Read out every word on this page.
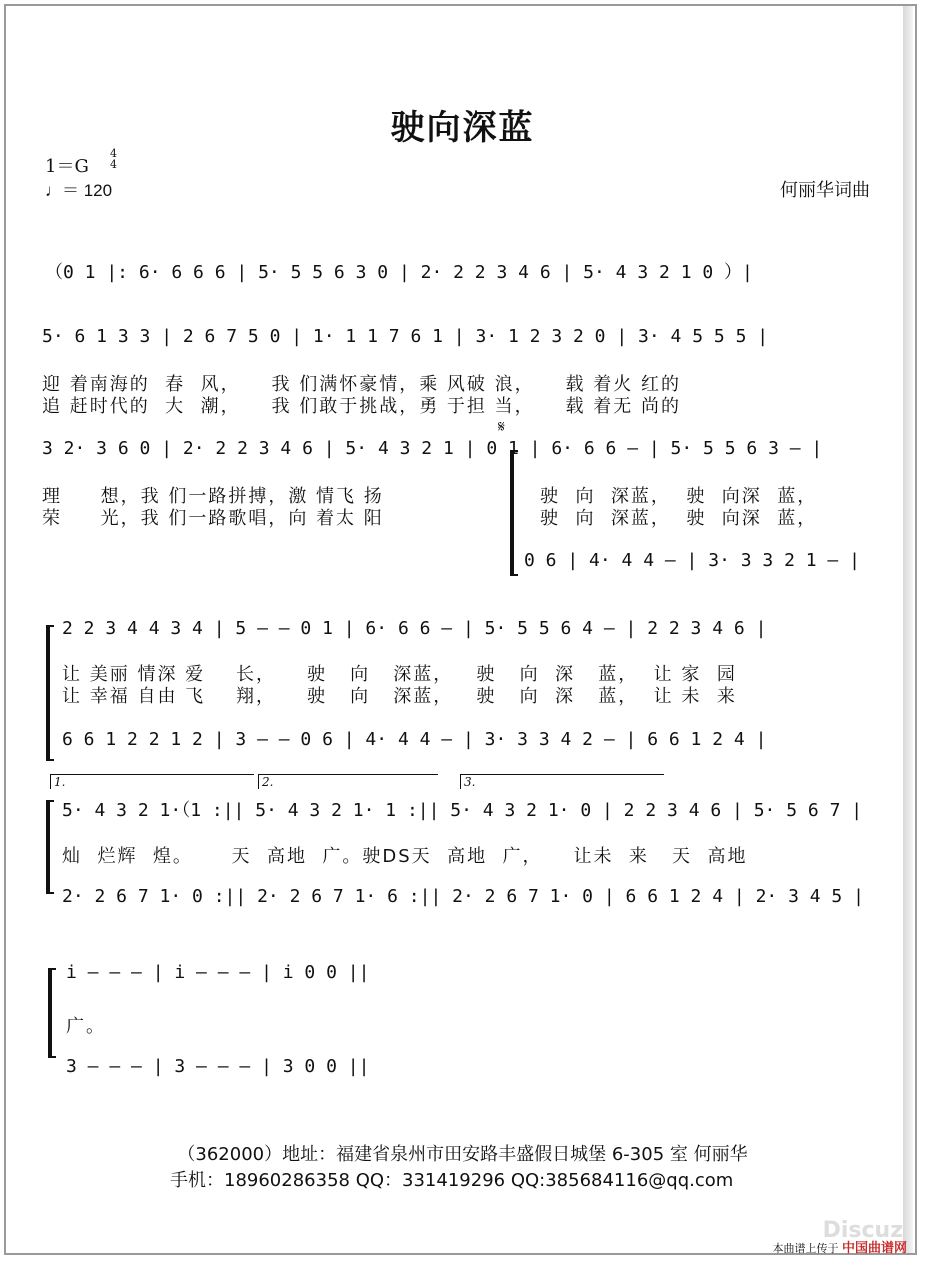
驶向深蓝
1＝G
4
4
♩＝ 120	何丽华词曲
（0 1 |: 6· 6 6 6 | 5· 5 5 6 3 0 | 2· 2 2 3 4 6 | 5· 4 3 2 1 0 ）|
5· 6 1 3 3 | 2 6 7 5 0 | 1· 1 1 7 6 1 | 3· 1 2 3 2 0 | 3· 4 5 5 5 |
迎 着南海的  春  风，    我 们满怀豪情，乘 风破 浪，    载 着火 红的
追 赶时代的  大  潮，    我 们敢于挑战，勇 于担 当，    载 着无 尚的
𝄋
3 2· 3 6 0 | 2· 2 2 3 4 6 | 5· 4 3 2 1 | 0 1 | 6· 6 6 – | 5· 5 5 6 3 – |
理     想，我 们一路拼搏，激 情飞 扬
荣     光，我 们一路歌唱，向 着太 阳
驶  向  深蓝，  驶  向深  蓝，
驶  向  深蓝，  驶  向深  蓝，
0 6 | 4· 4 4 – | 3· 3 3 2 1 – |
2 2 3 4 4 3 4 | 5 – – 0 1 | 6· 6 6 – | 5· 5 5 6 4 – | 2 2 3 4 6 |
让 美丽 情深 爱    长，    驶   向   深蓝，   驶   向  深   蓝，  让 家  园
让 幸福 自由 飞    翔，    驶   向   深蓝，   驶   向  深   蓝，  让 未  来
6 6 1 2 2 1 2 | 3 – – 0 6 | 4· 4 4 – | 3· 3 3 4 2 – | 6 6 1 2 4 |
1.	2.	3.
5· 4 3 2 1·（1 :|| 5· 4 3 2 1· 1 :|| 5· 4 3 2 1· 0 | 2 2 3 4 6 | 5· 5 6 7 |
灿  烂辉  煌。     天  高地  广。驶DS天  高地  广，    让未  来   天  高地
2· 2 6 7 1· 0 :|| 2· 2 6 7 1· 6 :|| 2· 2 6 7 1· 0 | 6 6 1 2 4 | 2· 3 4 5 |
i – – – | i – – – | i 0 0 ||
广。
3 – – – | 3 – – – | 3 0 0 ||
（362000）地址：福建省泉州市田安路丰盛假日城堡 6-305 室 何丽华
手机：18960286358 QQ：331419296 QQ:385684116@qq.com
Discuz
本曲谱上传于 中国曲谱网
